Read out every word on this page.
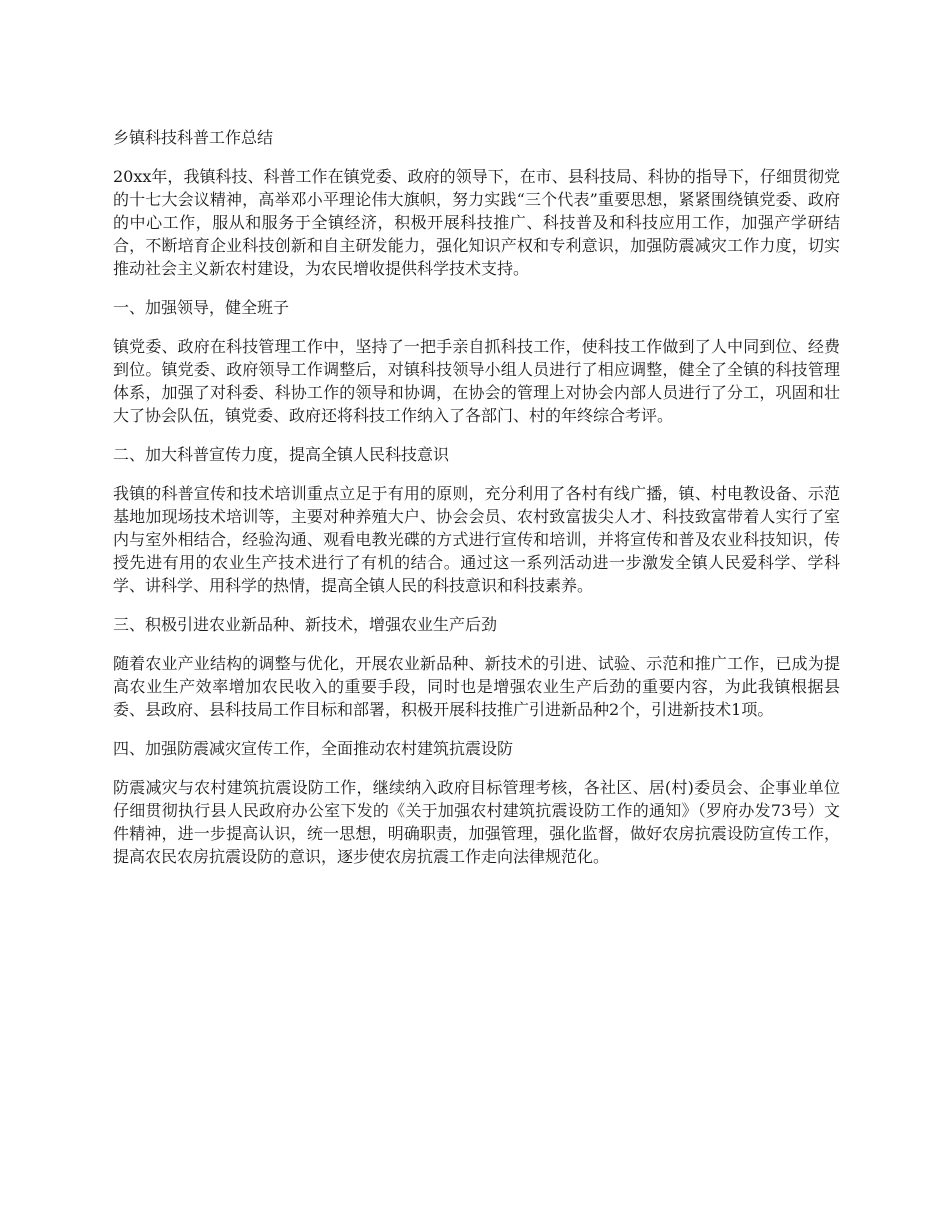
乡镇科技科普工作总结

20xx年，我镇科技、科普工作在镇党委、政府的领导下，在市、县科技局、科协的指导下，仔细贯彻党的十七大会议精神，高举邓小平理论伟大旗帜，努力实践“三个代表”重要思想，紧紧围绕镇党委、政府的中心工作，服从和服务于全镇经济，积极开展科技推广、科技普及和科技应用工作，加强产学研结合，不断培育企业科技创新和自主研发能力，强化知识产权和专利意识，加强防震减灾工作力度，切实推动社会主义新农村建设，为农民增收提供科学技术支持。

一、加强领导，健全班子

镇党委、政府在科技管理工作中，坚持了一把手亲自抓科技工作，使科技工作做到了人中同到位、经费到位。镇党委、政府领导工作调整后，对镇科技领导小组人员进行了相应调整，健全了全镇的科技管理体系，加强了对科委、科协工作的领导和协调，在协会的管理上对协会内部人员进行了分工，巩固和壮大了协会队伍，镇党委、政府还将科技工作纳入了各部门、村的年终综合考评。

二、加大科普宣传力度，提高全镇人民科技意识

我镇的科普宣传和技术培训重点立足于有用的原则，充分利用了各村有线广播，镇、村电教设备、示范基地加现场技术培训等，主要对种养殖大户、协会会员、农村致富拔尖人才、科技致富带着人实行了室内与室外相结合，经验沟通、观看电教光碟的方式进行宣传和培训，并将宣传和普及农业科技知识，传授先进有用的农业生产技术进行了有机的结合。通过这一系列活动进一步激发全镇人民爱科学、学科学、讲科学、用科学的热情，提高全镇人民的科技意识和科技素养。

三、积极引进农业新品种、新技术，增强农业生产后劲

随着农业产业结构的调整与优化，开展农业新品种、新技术的引进、试验、示范和推广工作，已成为提高农业生产效率增加农民收入的重要手段，同时也是增强农业生产后劲的重要内容，为此我镇根据县委、县政府、县科技局工作目标和部署，积极开展科技推广引进新品种2个，引进新技术1项。

四、加强防震减灾宣传工作，全面推动农村建筑抗震设防

防震减灾与农村建筑抗震设防工作，继续纳入政府目标管理考核，各社区、居(村)委员会、企事业单位仔细贯彻执行县人民政府办公室下发的《关于加强农村建筑抗震设防工作的通知》（罗府办发73号）文件精神，进一步提高认识，统一思想，明确职责，加强管理，强化监督，做好农房抗震设防宣传工作，提高农民农房抗震设防的意识，逐步使农房抗震工作走向法律规范化。
